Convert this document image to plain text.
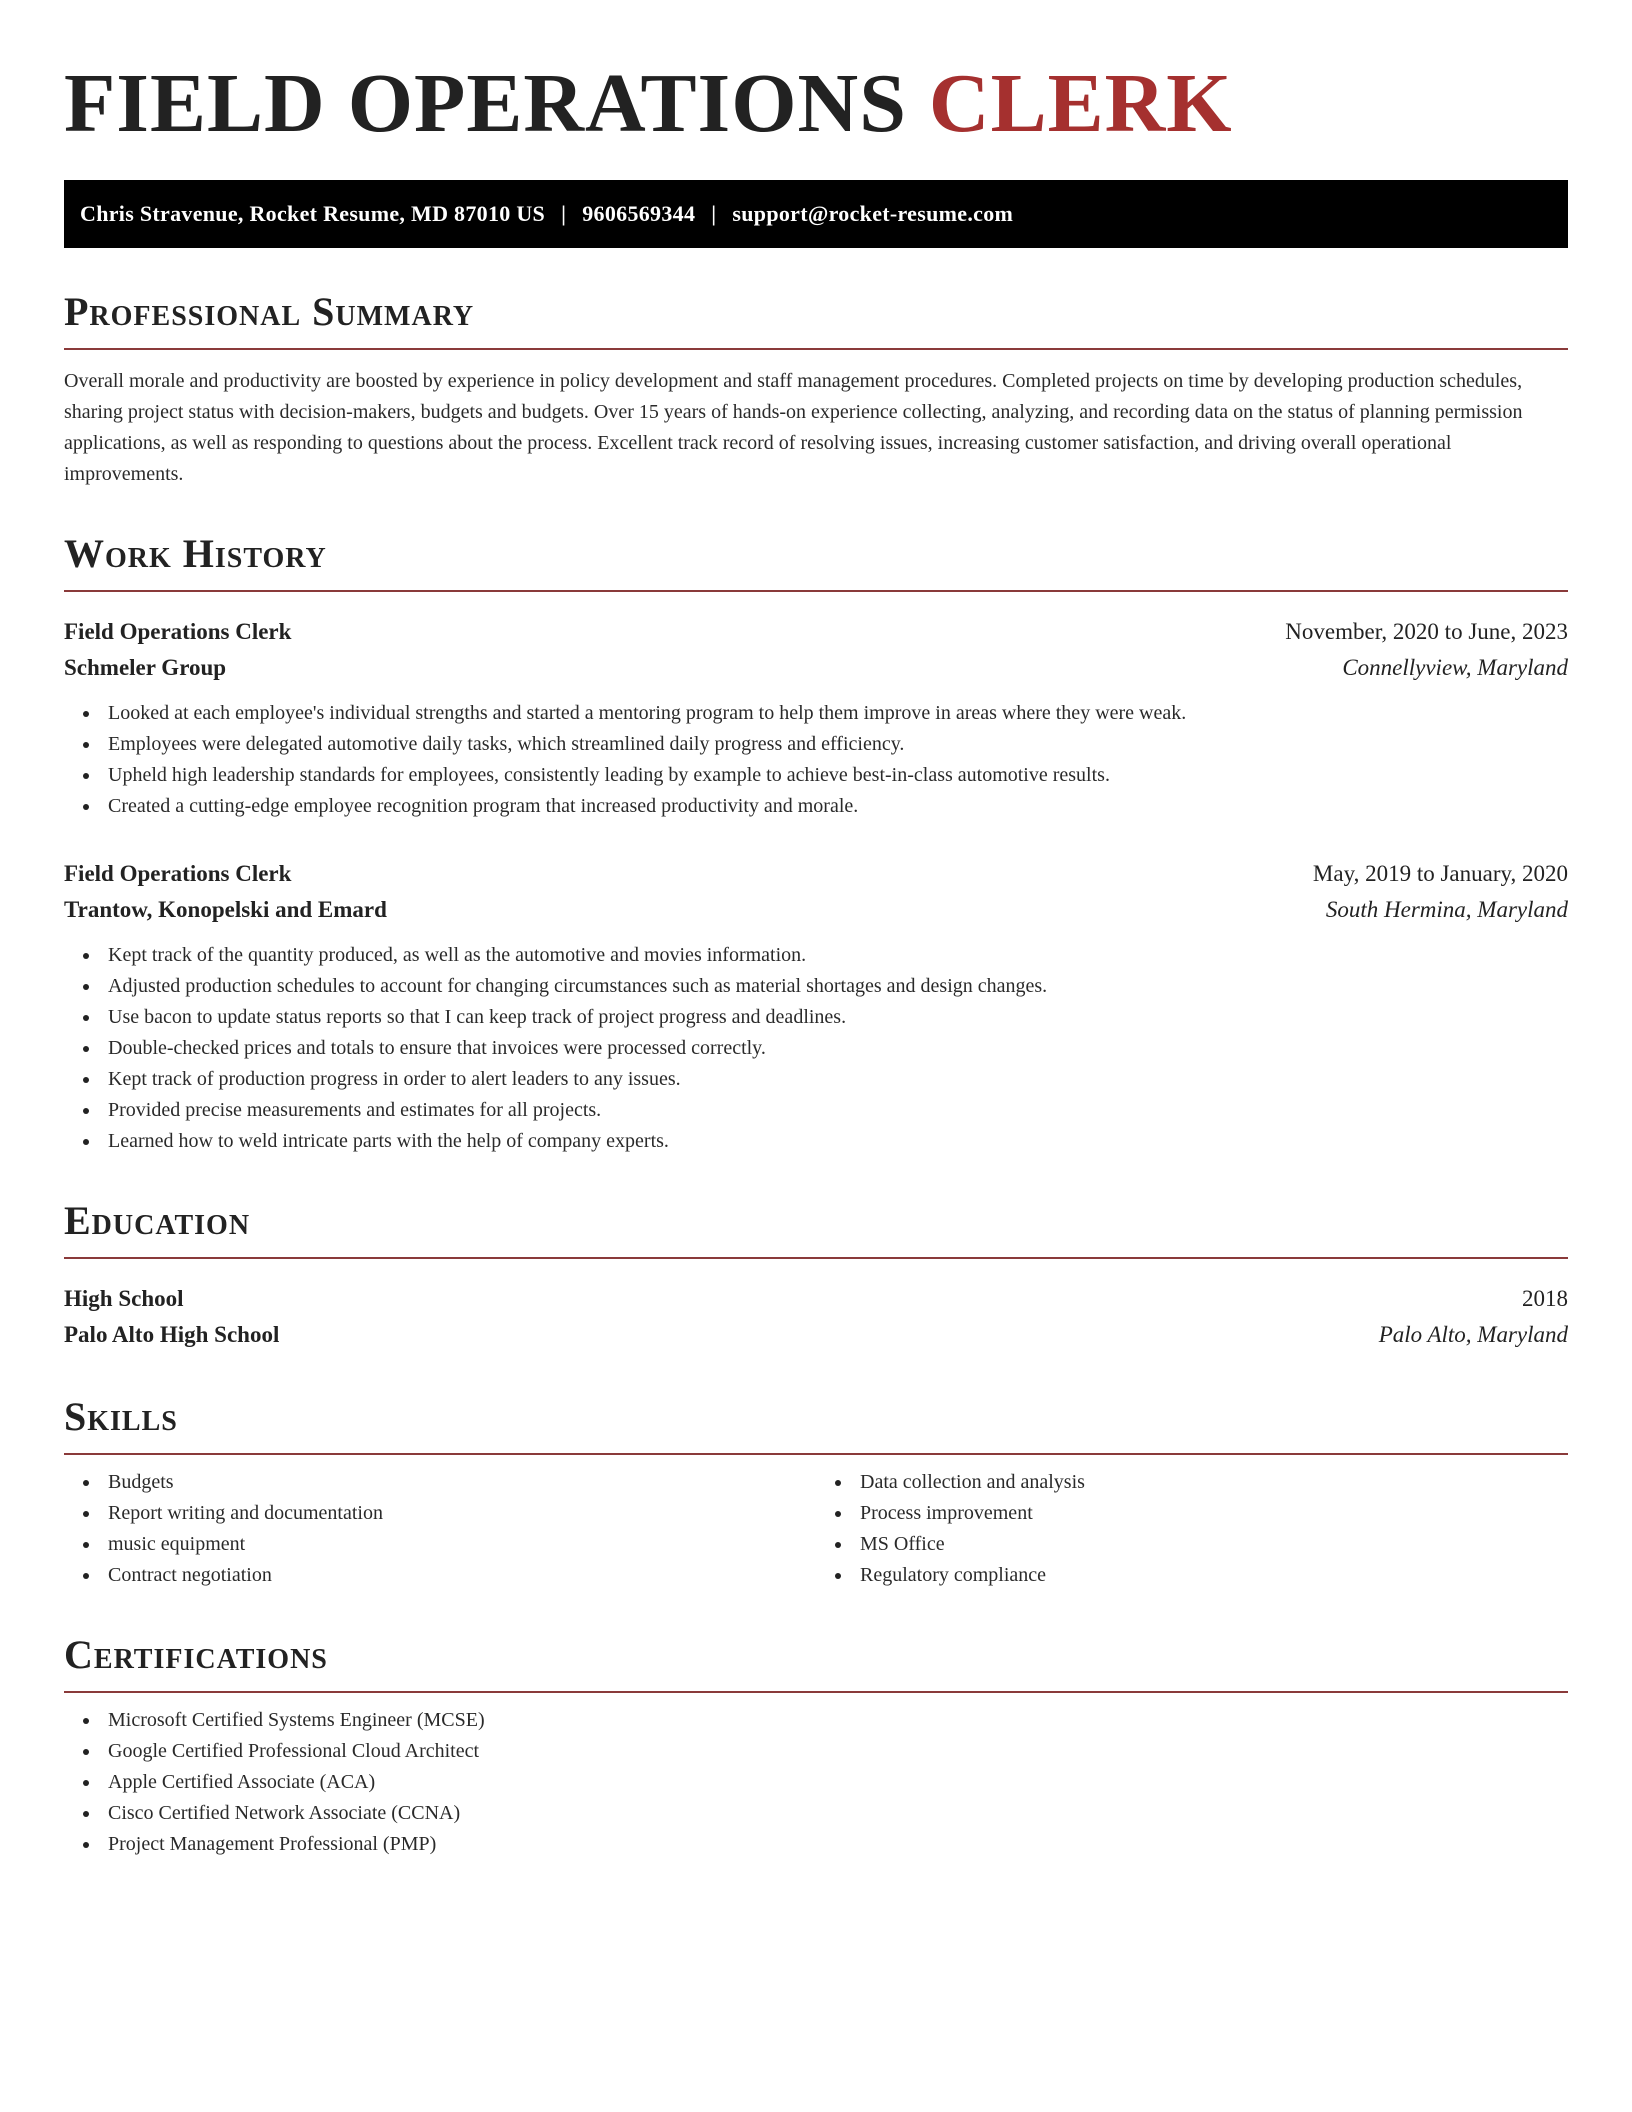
FIELD OPERATIONS CLERK
Chris Stravenue, Rocket Resume, MD 87010 US | 9606569344 | support@rocket-resume.com
Professional Summary

Overall morale and productivity are boosted by experience in policy development and staff management procedures. Completed projects on time by developing production schedules, sharing project status with decision-makers, budgets and budgets. Over 15 years of hands-on experience collecting, analyzing, and recording data on the status of planning permission applications, as well as responding to questions about the process. Excellent track record of resolving issues, increasing customer satisfaction, and driving overall operational improvements.

Work History
Field Operations Clerk	November, 2020 to June, 2023
Schmeler Group	Connellyview, Maryland
Looked at each employee's individual strengths and started a mentoring program to help them improve in areas where they were weak.
Employees were delegated automotive daily tasks, which streamlined daily progress and efficiency.
Upheld high leadership standards for employees, consistently leading by example to achieve best-in-class automotive results.
Created a cutting-edge employee recognition program that increased productivity and morale.
Field Operations Clerk	May, 2019 to January, 2020
Trantow, Konopelski and Emard	South Hermina, Maryland
Kept track of the quantity produced, as well as the automotive and movies information.
Adjusted production schedules to account for changing circumstances such as material shortages and design changes.
Use bacon to update status reports so that I can keep track of project progress and deadlines.
Double-checked prices and totals to ensure that invoices were processed correctly.
Kept track of production progress in order to alert leaders to any issues.
Provided precise measurements and estimates for all projects.
Learned how to weld intricate parts with the help of company experts.
Education
High School	2018
Palo Alto High School	Palo Alto, Maryland
Skills
Budgets
Report writing and documentation
music equipment
Contract negotiation
Data collection and analysis
Process improvement
MS Office
Regulatory compliance
Certifications
Microsoft Certified Systems Engineer (MCSE)
Google Certified Professional Cloud Architect
Apple Certified Associate (ACA)
Cisco Certified Network Associate (CCNA)
Project Management Professional (PMP)
